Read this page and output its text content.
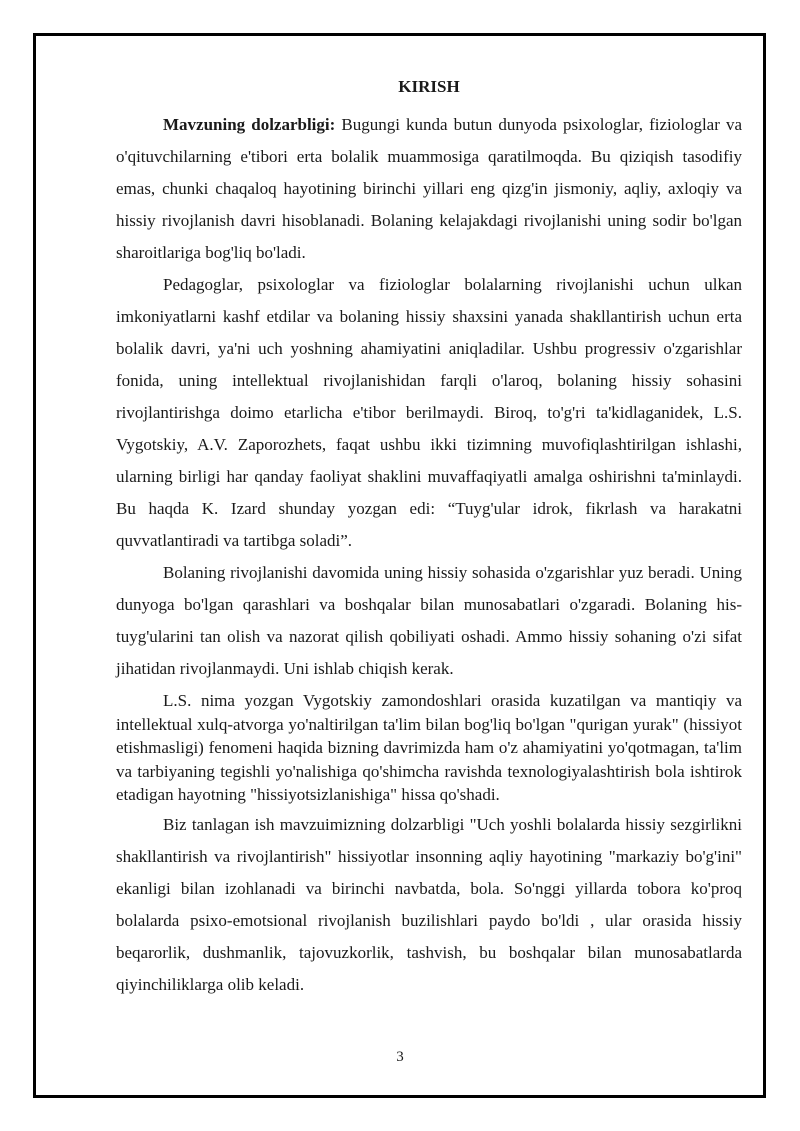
KIRISH

Mavzuning dolzarbligi: Bugungi kunda butun dunyoda psixologlar, fiziologlar va o'qituvchilarning e'tibori erta bolalik muammosiga qaratilmoqda. Bu qiziqish tasodifiy emas, chunki chaqaloq hayotining birinchi yillari eng qizg'in jismoniy, aqliy, axloqiy va hissiy rivojlanish davri hisoblanadi. Bolaning kelajakdagi rivojlanishi uning sodir bo'lgan sharoitlariga bog'liq bo'ladi.

Pedagoglar, psixologlar va fiziologlar bolalarning rivojlanishi uchun ulkan imkoniyatlarni kashf etdilar va bolaning hissiy shaxsini yanada shakllantirish uchun erta bolalik davri, ya'ni uch yoshning ahamiyatini aniqladilar. Ushbu progressiv o'zgarishlar fonida, uning intellektual rivojlanishidan farqli o'laroq, bolaning hissiy sohasini rivojlantirishga doimo etarlicha e'tibor berilmaydi. Biroq, to'g'ri ta'kidlaganidek, L.S. Vygotskiy, A.V. Zaporozhets, faqat ushbu ikki tizimning muvofiqlashtirilgan ishlashi, ularning birligi har qanday faoliyat shaklini muvaffaqiyatli amalga oshirishni ta'minlaydi. Bu haqda K. Izard shunday yozgan edi: “Tuyg'ular idrok, fikrlash va harakatni quvvatlantiradi va tartibga soladi”.

Bolaning rivojlanishi davomida uning hissiy sohasida o'zgarishlar yuz beradi. Uning dunyoga bo'lgan qarashlari va boshqalar bilan munosabatlari o'zgaradi. Bolaning his-tuyg'ularini tan olish va nazorat qilish qobiliyati oshadi. Ammo hissiy sohaning o'zi sifat jihatidan rivojlanmaydi. Uni ishlab chiqish kerak.

L.S. nima yozgan Vygotskiy zamondoshlari orasida kuzatilgan va mantiqiy va intellektual xulq-atvorga yo'naltirilgan ta'lim bilan bog'liq bo'lgan "qurigan yurak" (hissiyot etishmasligi) fenomeni haqida bizning davrimizda ham o'z ahamiyatini yo'qotmagan, ta'lim va tarbiyaning tegishli yo'nalishiga qo'shimcha ravishda texnologiyalashtirish bola ishtirok etadigan hayotning "hissiyotsizlanishiga" hissa qo'shadi.

Biz tanlagan ish mavzuimizning dolzarbligi "Uch yoshli bolalarda hissiy sezgirlikni shakllantirish va rivojlantirish" hissiyotlar insonning aqliy hayotining "markaziy bo'g'ini" ekanligi bilan izohlanadi va birinchi navbatda, bola. So'nggi yillarda tobora ko'proq bolalarda psixo-emotsional rivojlanish buzilishlari paydo bo'ldi , ular orasida hissiy beqarorlik, dushmanlik, tajovuzkorlik, tashvish, bu boshqalar bilan munosabatlarda qiyinchiliklarga olib keladi.

3
